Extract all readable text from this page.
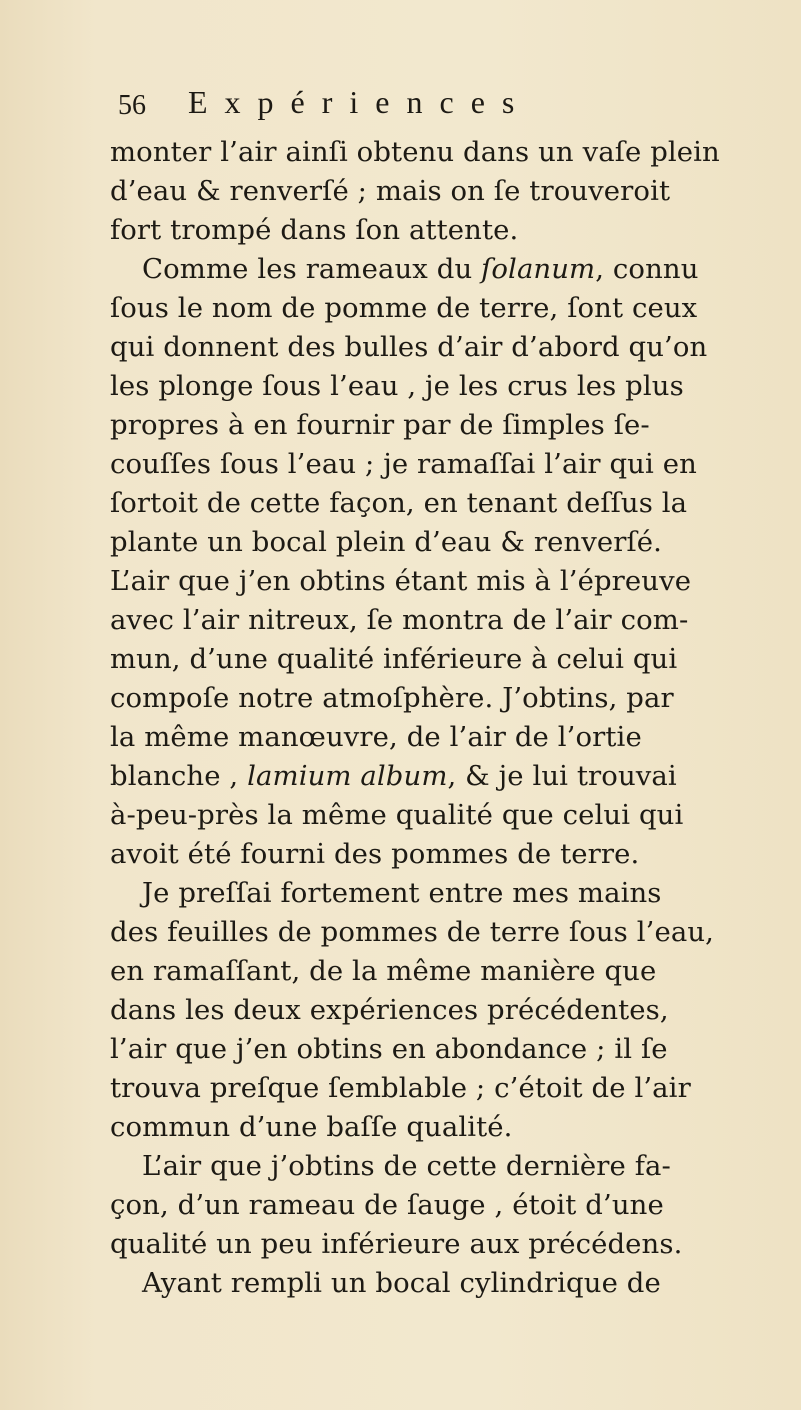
56 Expériences
monter l’air ainſi obtenu dans un vaſe plein
d’eau & renverſé ; mais on ſe trouveroit
fort trompé dans ſon attente.
Comme les rameaux du ſolanum, connu
ſous le nom de pomme de terre, ſont ceux
qui donnent des bulles d’air d’abord qu’on
les plonge ſous l’eau , je les crus les plus
propres à en fournir par de ſimples ſe-
couſſes ſous l’eau ; je ramaſſai l’air qui en
ſortoit de cette façon, en tenant deſſus la
plante un bocal plein d’eau & renverſé.
L’air que j’en obtins étant mis à l’épreuve
avec l’air nitreux, ſe montra de l’air com-
mun, d’une qualité inférieure à celui qui
compoſe notre atmoſphère. J’obtins, par
la même manœuvre, de l’air de l’ortie
blanche , lamium album, & je lui trouvai
à-peu-près la même qualité que celui qui
avoit été fourni des pommes de terre.
Je preſſai fortement entre mes mains
des feuilles de pommes de terre ſous l’eau,
en ramaſſant, de la même manière que
dans les deux expériences précédentes,
l’air que j’en obtins en abondance ; il ſe
trouva preſque ſemblable ; c’étoit de l’air
commun d’une baſſe qualité.
L’air que j’obtins de cette dernière fa-
çon, d’un rameau de ſauge , étoit d’une
qualité un peu inférieure aux précédens.
Ayant rempli un bocal cylindrique de
